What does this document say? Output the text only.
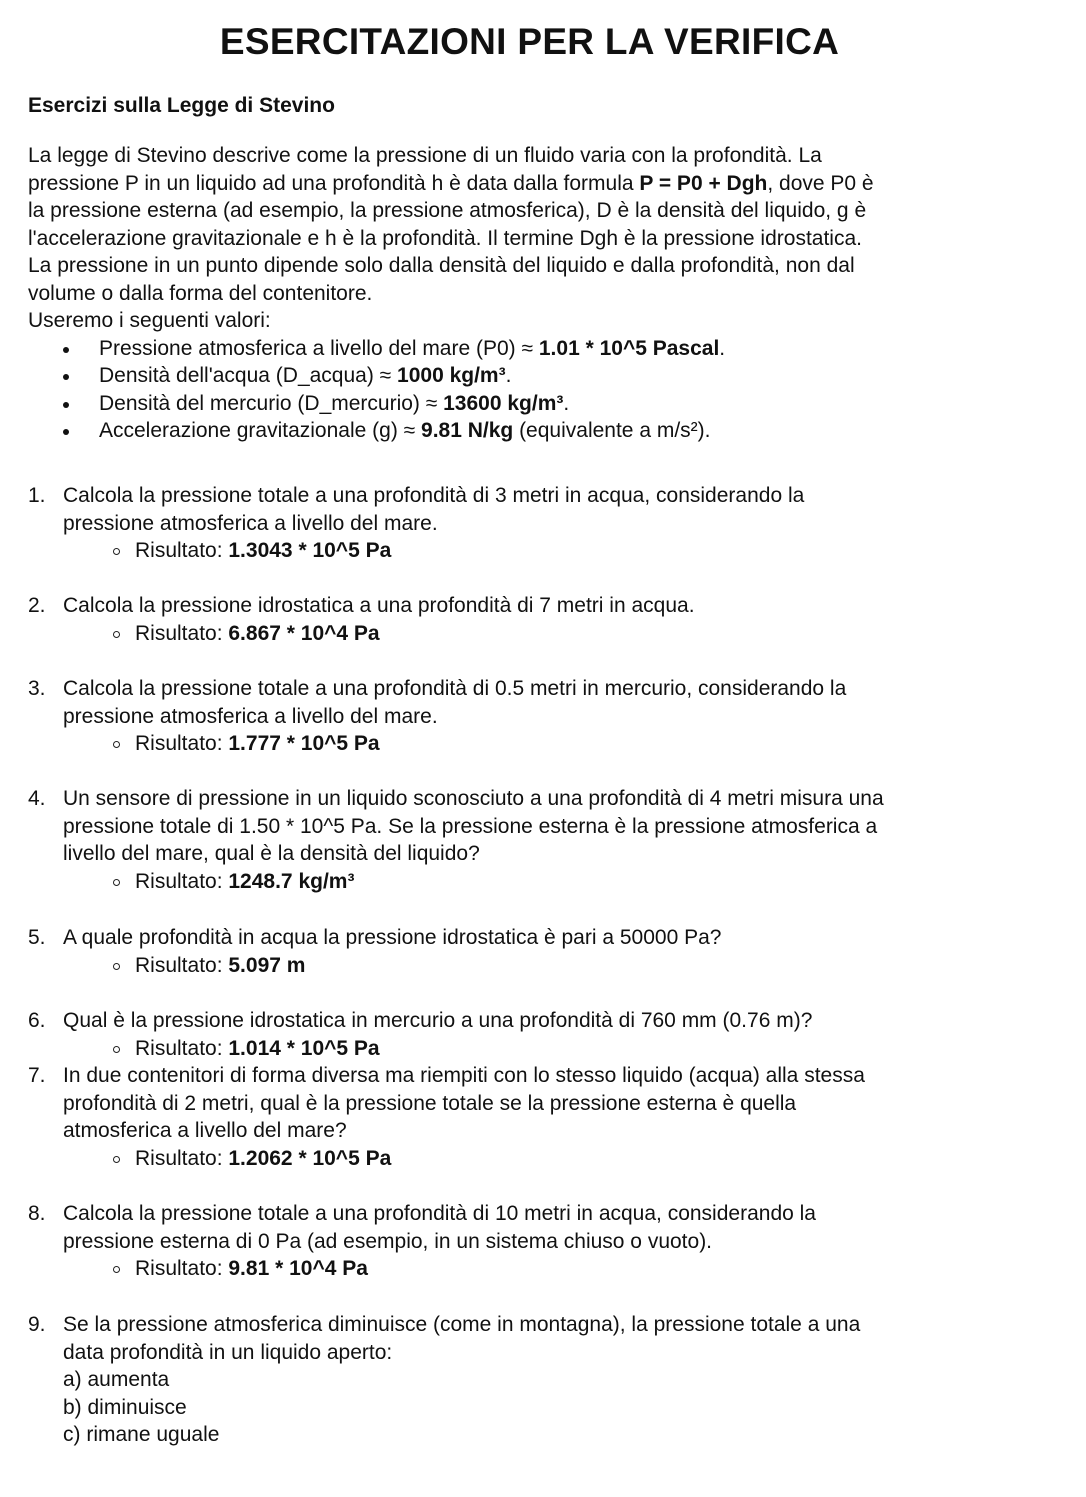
ESERCITAZIONI PER LA VERIFICA
Esercizi sulla Legge di Stevino
La legge di Stevino descrive come la pressione di un fluido varia con la profondità. La
pressione P in un liquido ad una profondità h è data dalla formula P = P0 + Dgh, dove P0 è
la pressione esterna (ad esempio, la pressione atmosferica), D è la densità del liquido, g è
l'accelerazione gravitazionale e h è la profondità. Il termine Dgh è la pressione idrostatica.
La pressione in un punto dipende solo dalla densità del liquido e dalla profondità, non dal
volume o dalla forma del contenitore.

Useremo i seguenti valori:

Pressione atmosferica a livello del mare (P0) ≈ 1.01 * 10^5 Pascal.
Densità dell'acqua (D_acqua) ≈ 1000 kg/m³.
Densità del mercurio (D_mercurio) ≈ 13600 kg/m³.
Accelerazione gravitazionale (g) ≈ 9.81 N/kg (equivalente a m/s²).
1. Calcola la pressione totale a una profondità di 3 metri in acqua, considerando la
pressione atmosferica a livello del mare.
Risultato: 1.3043 * 10^5 Pa
2. Calcola la pressione idrostatica a una profondità di 7 metri in acqua.
Risultato: 6.867 * 10^4 Pa
3. Calcola la pressione totale a una profondità di 0.5 metri in mercurio, considerando la
pressione atmosferica a livello del mare.
Risultato: 1.777 * 10^5 Pa
4. Un sensore di pressione in un liquido sconosciuto a una profondità di 4 metri misura una
pressione totale di 1.50 * 10^5 Pa. Se la pressione esterna è la pressione atmosferica a
livello del mare, qual è la densità del liquido?
Risultato: 1248.7 kg/m³
5. A quale profondità in acqua la pressione idrostatica è pari a 50000 Pa?
Risultato: 5.097 m
6. Qual è la pressione idrostatica in mercurio a una profondità di 760 mm (0.76 m)?
Risultato: 1.014 * 10^5 Pa
7. In due contenitori di forma diversa ma riempiti con lo stesso liquido (acqua) alla stessa
profondità di 2 metri, qual è la pressione totale se la pressione esterna è quella
atmosferica a livello del mare?
Risultato: 1.2062 * 10^5 Pa
8. Calcola la pressione totale a una profondità di 10 metri in acqua, considerando la
pressione esterna di 0 Pa (ad esempio, in un sistema chiuso o vuoto).
Risultato: 9.81 * 10^4 Pa
9. Se la pressione atmosferica diminuisce (come in montagna), la pressione totale a una
data profondità in un liquido aperto:
a) aumenta
b) diminuisce
c) rimane uguale
